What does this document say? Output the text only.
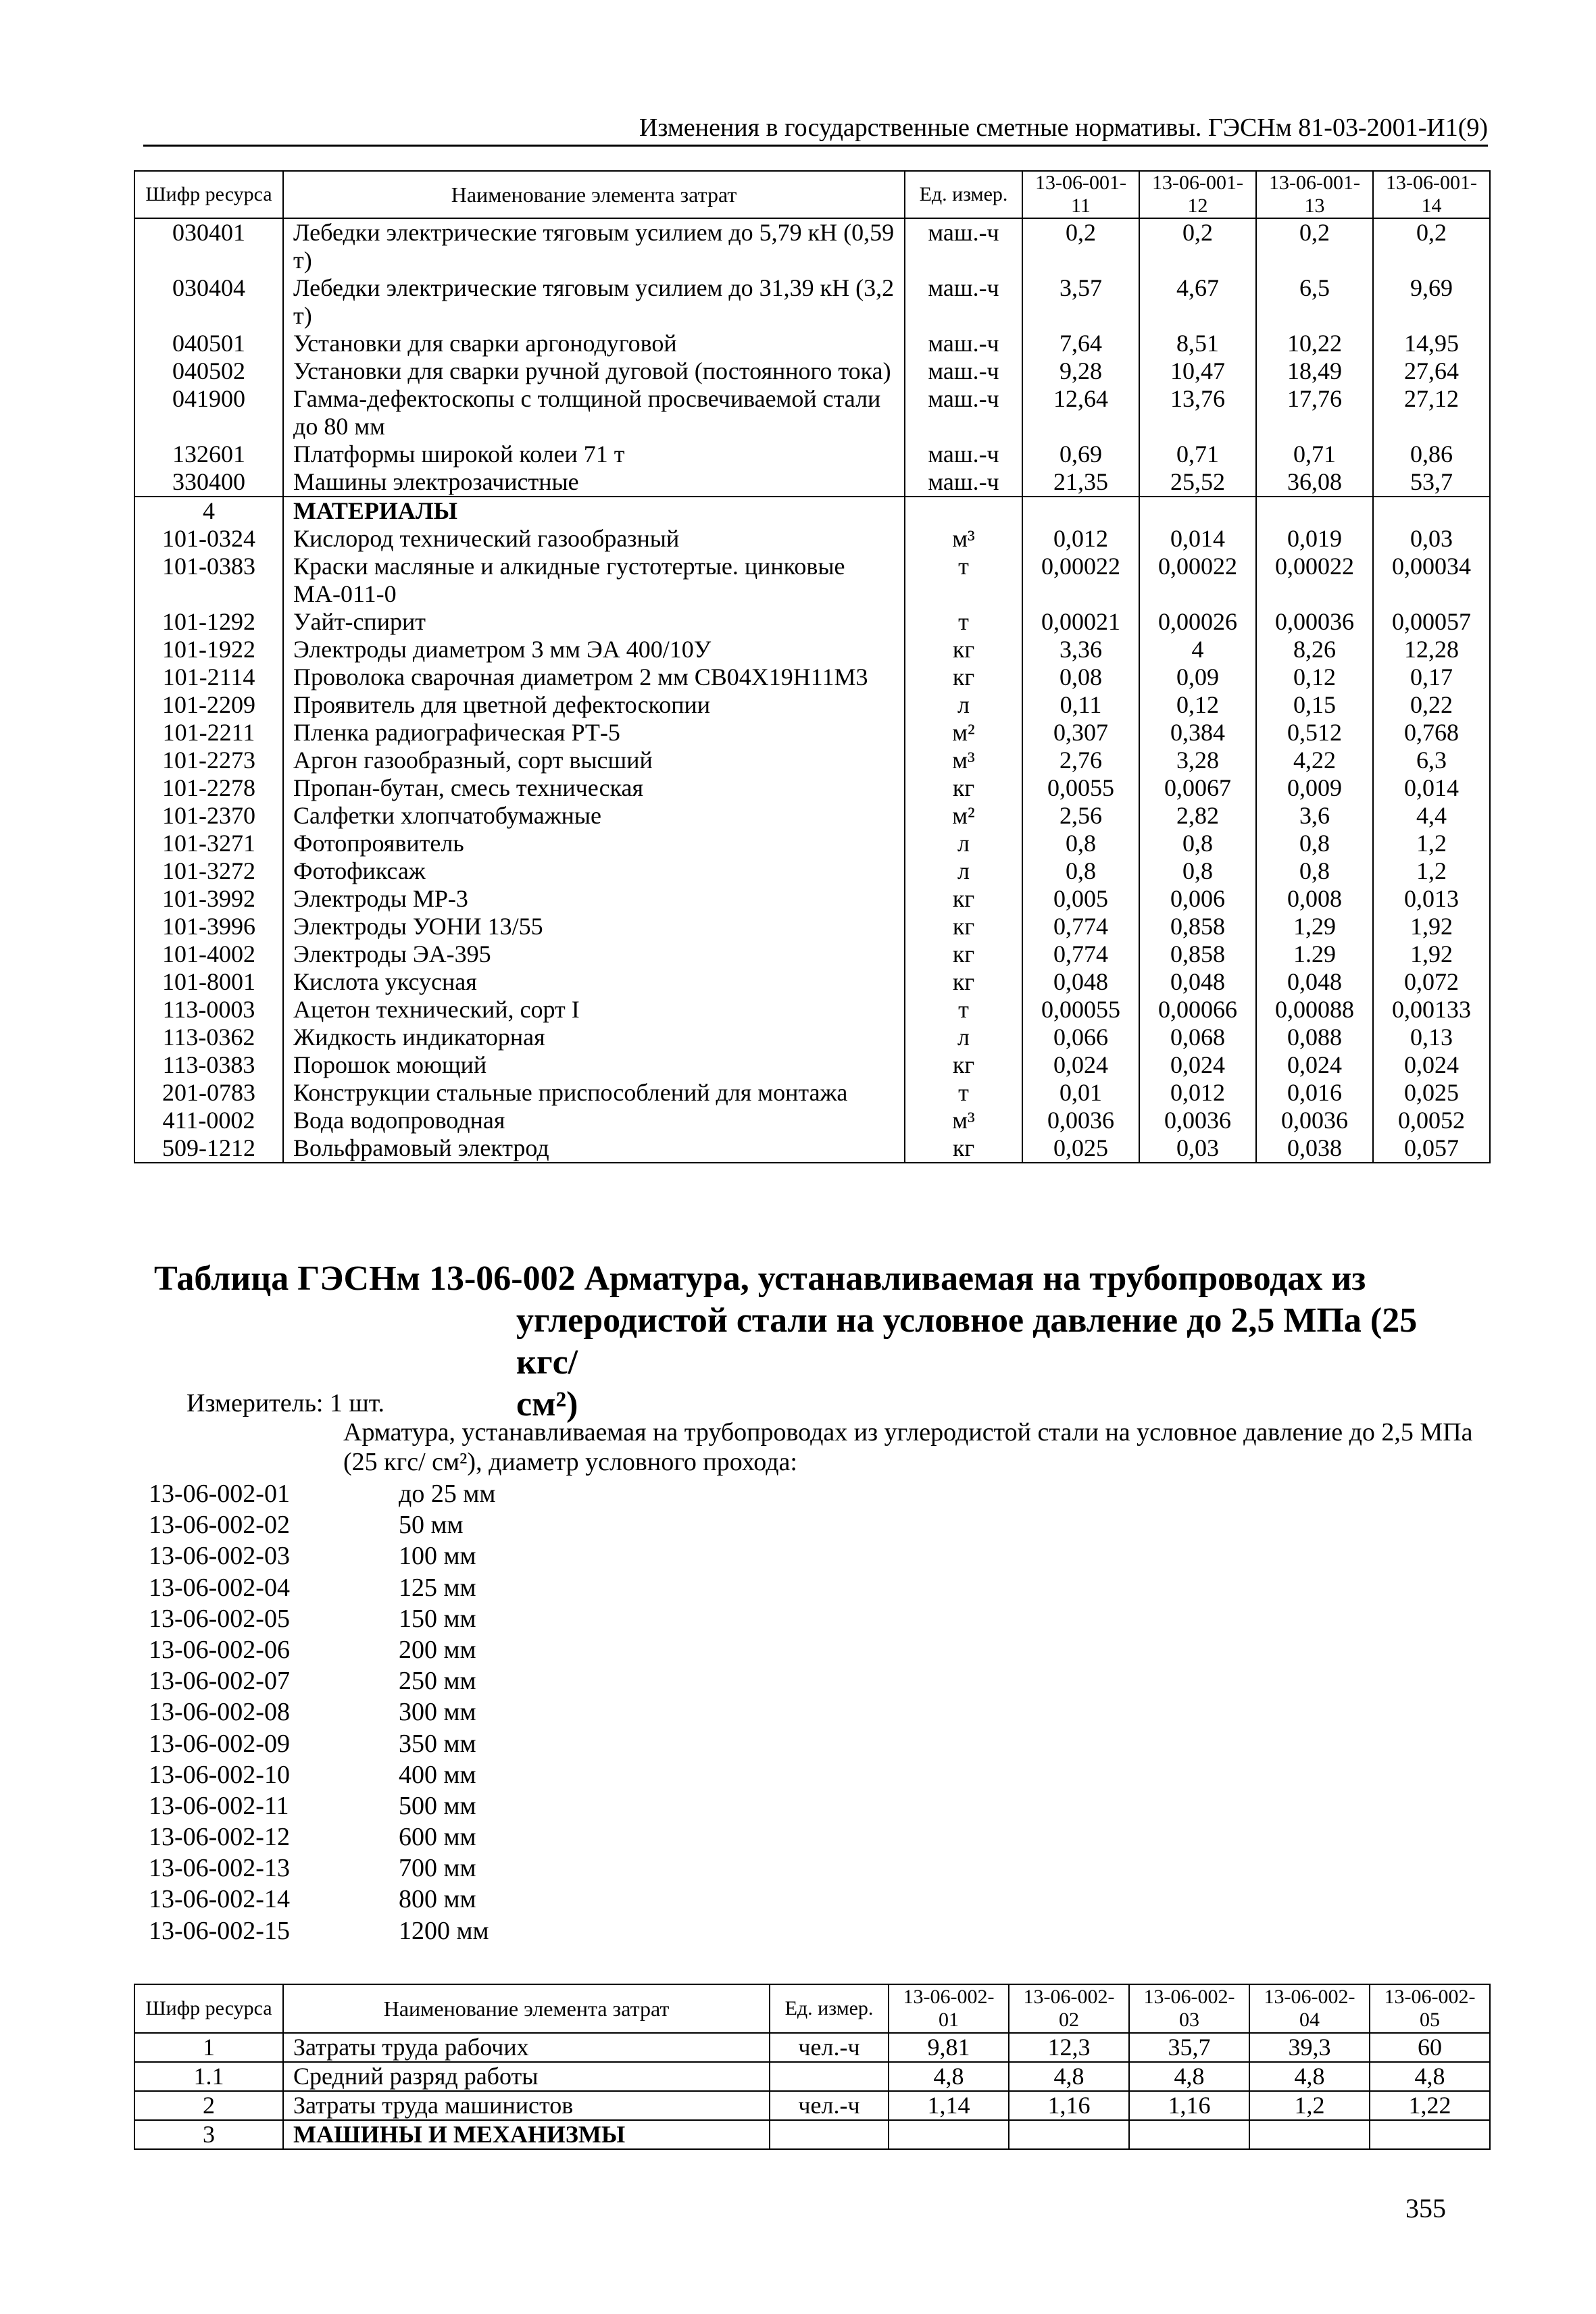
Изменения в государственные сметные нормативы. ГЭСНм 81-03-2001-И1(9)
Шифр ресурса	Наименование элемента затрат	Ед. измер.	13-06-001-11	13-06-001-12	13-06-001-13	13-06-001-14
030401	Лебедки электрические тяговым усилием до 5,79 кН (0,59 т)	маш.-ч	0,2	0,2	0,2	0,2
030404	Лебедки электрические тяговым усилием до 31,39 кН (3,2 т)	маш.-ч	3,57	4,67	6,5	9,69
040501	Установки для сварки аргонодуговой	маш.-ч	7,64	8,51	10,22	14,95
040502	Установки для сварки ручной дуговой (постоянного тока)	маш.-ч	9,28	10,47	18,49	27,64
041900	Гамма-дефектоскопы с толщиной просвечиваемой стали до 80 мм	маш.-ч	12,64	13,76	17,76	27,12
132601	Платформы широкой колеи 71 т	маш.-ч	0,69	0,71	0,71	0,86
330400	Машины электрозачистные	маш.-ч	21,35	25,52	36,08	53,7
4	МАТЕРИАЛЫ					
101-0324	Кислород технический газообразный	м³	0,012	0,014	0,019	0,03
101-0383	Краски масляные и алкидные густотертые. цинковые МА-011-0	т	0,00022	0,00022	0,00022	0,00034
101-1292	Уайт-спирит	т	0,00021	0,00026	0,00036	0,00057
101-1922	Электроды диаметром 3 мм ЭА 400/10У	кг	3,36	4	8,26	12,28
101-2114	Проволока сварочная диаметром 2 мм СВ04Х19Н11М3	кг	0,08	0,09	0,12	0,17
101-2209	Проявитель для цветной дефектоскопии	л	0,11	0,12	0,15	0,22
101-2211	Пленка радиографическая РТ-5	м²	0,307	0,384	0,512	0,768
101-2273	Аргон газообразный, сорт высший	м³	2,76	3,28	4,22	6,3
101-2278	Пропан-бутан, смесь техническая	кг	0,0055	0,0067	0,009	0,014
101-2370	Салфетки хлопчатобумажные	м²	2,56	2,82	3,6	4,4
101-3271	Фотопроявитель	л	0,8	0,8	0,8	1,2
101-3272	Фотофиксаж	л	0,8	0,8	0,8	1,2
101-3992	Электроды МР-3	кг	0,005	0,006	0,008	0,013
101-3996	Электроды УОНИ 13/55	кг	0,774	0,858	1,29	1,92
101-4002	Электроды ЭА-395	кг	0,774	0,858	1.29	1,92
101-8001	Кислота уксусная	кг	0,048	0,048	0,048	0,072
113-0003	Ацетон технический, сорт I	т	0,00055	0,00066	0,00088	0,00133
113-0362	Жидкость индикаторная	л	0,066	0,068	0,088	0,13
113-0383	Порошок моющий	кг	0,024	0,024	0,024	0,024
201-0783	Конструкции стальные приспособлений для монтажа	т	0,01	0,012	0,016	0,025
411-0002	Вода водопроводная	м³	0,0036	0,0036	0,0036	0,0052
509-1212	Вольфрамовый электрод	кг	0,025	0,03	0,038	0,057
Таблица ГЭСНм 13-06-002 Арматура, устанавливаемая на трубопроводах из
углеродистой стали на условное давление до 2,5 МПа (25 кгс/
см²)
Измеритель: 1 шт.
Арматура, устанавливаемая на трубопроводах из углеродистой стали на условное давление до 2,5 МПа (25 кгс/ см²), диаметр условного прохода:
13-06-002-01	до 25 мм
13-06-002-02	50 мм
13-06-002-03	100 мм
13-06-002-04	125 мм
13-06-002-05	150 мм
13-06-002-06	200 мм
13-06-002-07	250 мм
13-06-002-08	300 мм
13-06-002-09	350 мм
13-06-002-10	400 мм
13-06-002-11	500 мм
13-06-002-12	600 мм
13-06-002-13	700 мм
13-06-002-14	800 мм
13-06-002-15	1200 мм
Шифр ресурса	Наименование элемента затрат	Ед. измер.	13-06-002-01	13-06-002-02	13-06-002-03	13-06-002-04	13-06-002-05
1	Затраты труда рабочих	чел.-ч	9,81	12,3	35,7	39,3	60
1.1	Средний разряд работы		4,8	4,8	4,8	4,8	4,8
2	Затраты труда машинистов	чел.-ч	1,14	1,16	1,16	1,2	1,22
3	МАШИНЫ И МЕХАНИЗМЫ						
355
